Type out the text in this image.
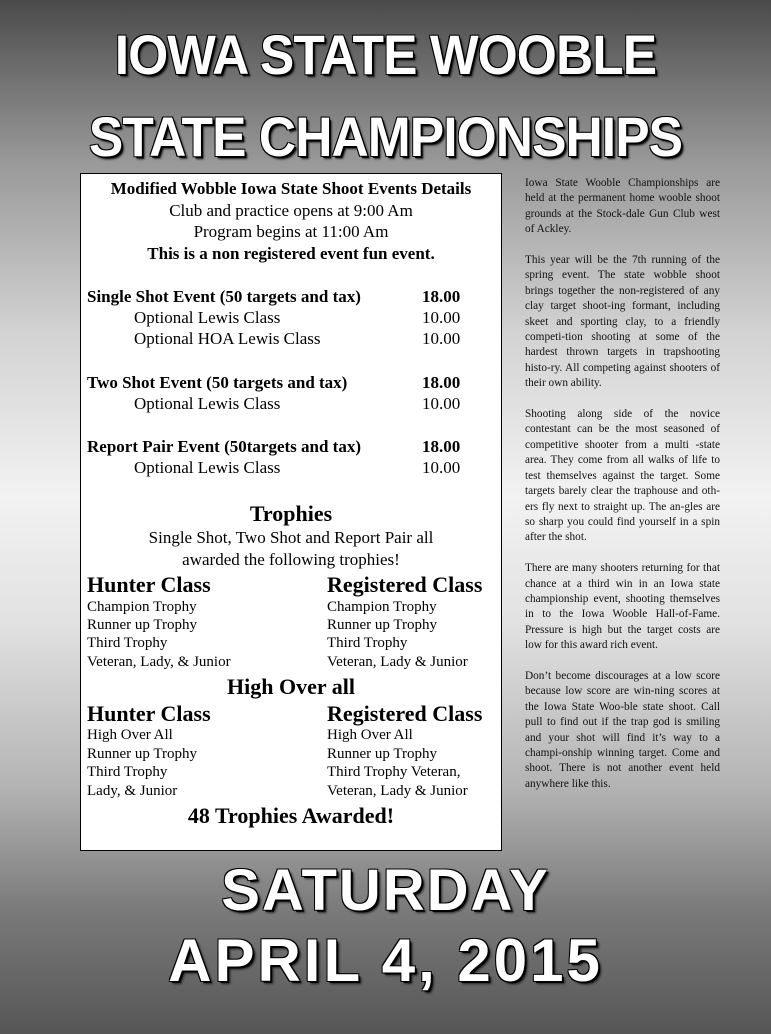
IOWA STATE WOOBLE
STATE CHAMPIONSHIPS
Modified Wobble Iowa State Shoot Events Details
Club and practice opens at 9:00 Am
Program begins at 11:00 Am
This is a non registered event fun event.
Single Shot Event (50 targets and tax)	18.00
Optional Lewis Class	10.00
Optional HOA Lewis Class	10.00
Two Shot Event (50 targets and tax)	18.00
Optional Lewis Class	10.00
Report Pair Event (50targets and tax)	18.00
Optional Lewis Class	10.00
Trophies
Single Shot, Two Shot and Report Pair all
awarded the following trophies!
Hunter Class	Registered Class
Champion Trophy	Champion Trophy
Runner up Trophy	Runner up Trophy
Third Trophy	Third Trophy
Veteran, Lady, & Junior	Veteran, Lady & Junior
High Over all
Hunter Class	Registered Class
High Over All	High Over All
Runner up Trophy	Runner up Trophy
Third Trophy	Third Trophy Veteran,
Lady, & Junior	Veteran, Lady & Junior
48 Trophies Awarded!

Iowa State Wooble Championships are held at the permanent home wooble shoot grounds at the Stock-dale Gun Club west of Ackley.

This year will be the 7th running of the spring event. The state wobble shoot brings together the non-registered of any clay target shoot-ing formant, including skeet and sporting clay, to a friendly competi-tion shooting at some of the hardest thrown targets in trapshooting histo-ry. All competing against shooters of their own ability.

Shooting along side of the novice contestant can be the most seasoned of competitive shooter from a multi -state area. They come from all walks of life to test themselves against the target. Some targets barely clear the traphouse and oth-ers fly next to straight up. The an-gles are so sharp you could find yourself in a spin after the shot.

There are many shooters returning for that chance at a third win in an Iowa state championship event, shooting themselves in to the Iowa Wooble Hall-of-Fame. Pressure is high but the target costs are low for this award rich event.

Don’t become discourages at a low score because low score are win-ning scores at the Iowa State Woo-ble state shoot. Call pull to find out if the trap god is smiling and your shot will find it’s way to a champi-onship winning target. Come and shoot. There is not another event held anywhere like this.

SATURDAY
APRIL 4, 2015
